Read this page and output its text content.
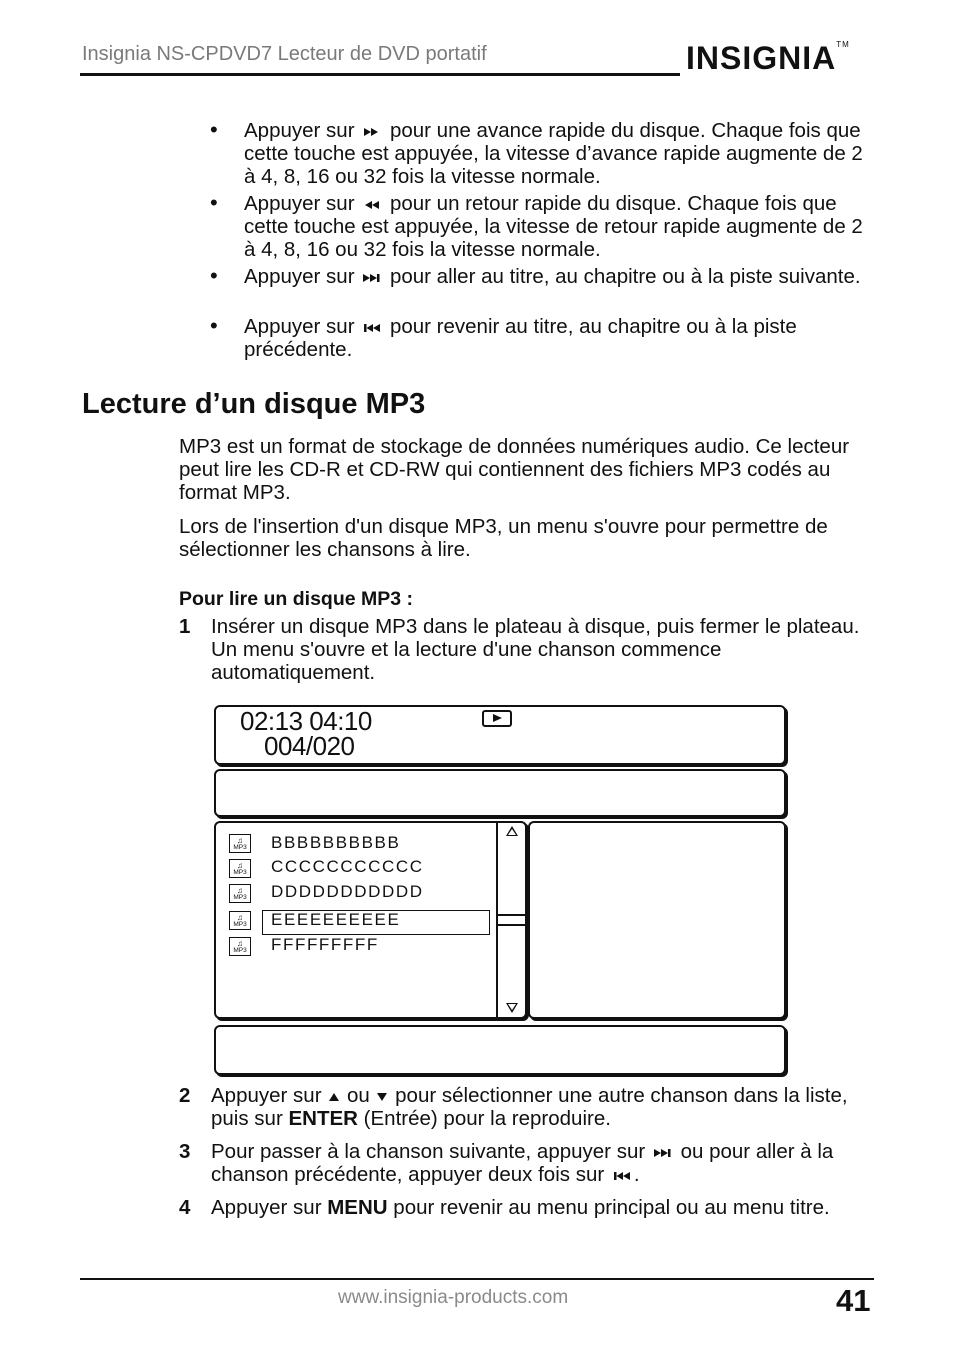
Insignia NS-CPDVD7 Lecteur de DVD portatif	INSIGNIA™
• Appuyer sur pour une avance rapide du disque. Chaque fois que cette touche est appuyée, la vitesse d’avance rapide augmente de 2 à 4, 8, 16 ou 32 fois la vitesse normale.
• Appuyer sur pour un retour rapide du disque. Chaque fois que cette touche est appuyée, la vitesse de retour rapide augmente de 2 à 4, 8, 16 ou 32 fois la vitesse normale.
• Appuyer sur pour aller au titre, au chapitre ou à la piste suivante.
• Appuyer sur pour revenir au titre, au chapitre ou à la piste précédente.
Lecture d’un disque MP3
MP3 est un format de stockage de données numériques audio. Ce lecteur peut lire les CD-R et CD-RW qui contiennent des fichiers MP3 codés au format MP3.
Lors de l'insertion d'un disque MP3, un menu s'ouvre pour permettre de sélectionner les chansons à lire.
Pour lire un disque MP3 :
1 Insérer un disque MP3 dans le plateau à disque, puis fermer le plateau. Un menu s'ouvre et la lecture d'une chanson commence automatiquement.
02:13 04:10
004/020
♫
MP3 BBBBBBBBBB
♫
MP3 CCCCCCCCCCC
♫
MP3 DDDDDDDDDDD
♫
MP3 EEEEEEEEEE
♫
MP3 FFFFFFFFF
2 Appuyer sur ou pour sélectionner une autre chanson dans la liste, puis sur ENTER (Entrée) pour la reproduire.
3 Pour passer à la chanson suivante, appuyer sur ou pour aller à la chanson précédente, appuyer deux fois sur .
4 Appuyer sur MENU pour revenir au menu principal ou au menu titre.
www.insignia-products.com	41
